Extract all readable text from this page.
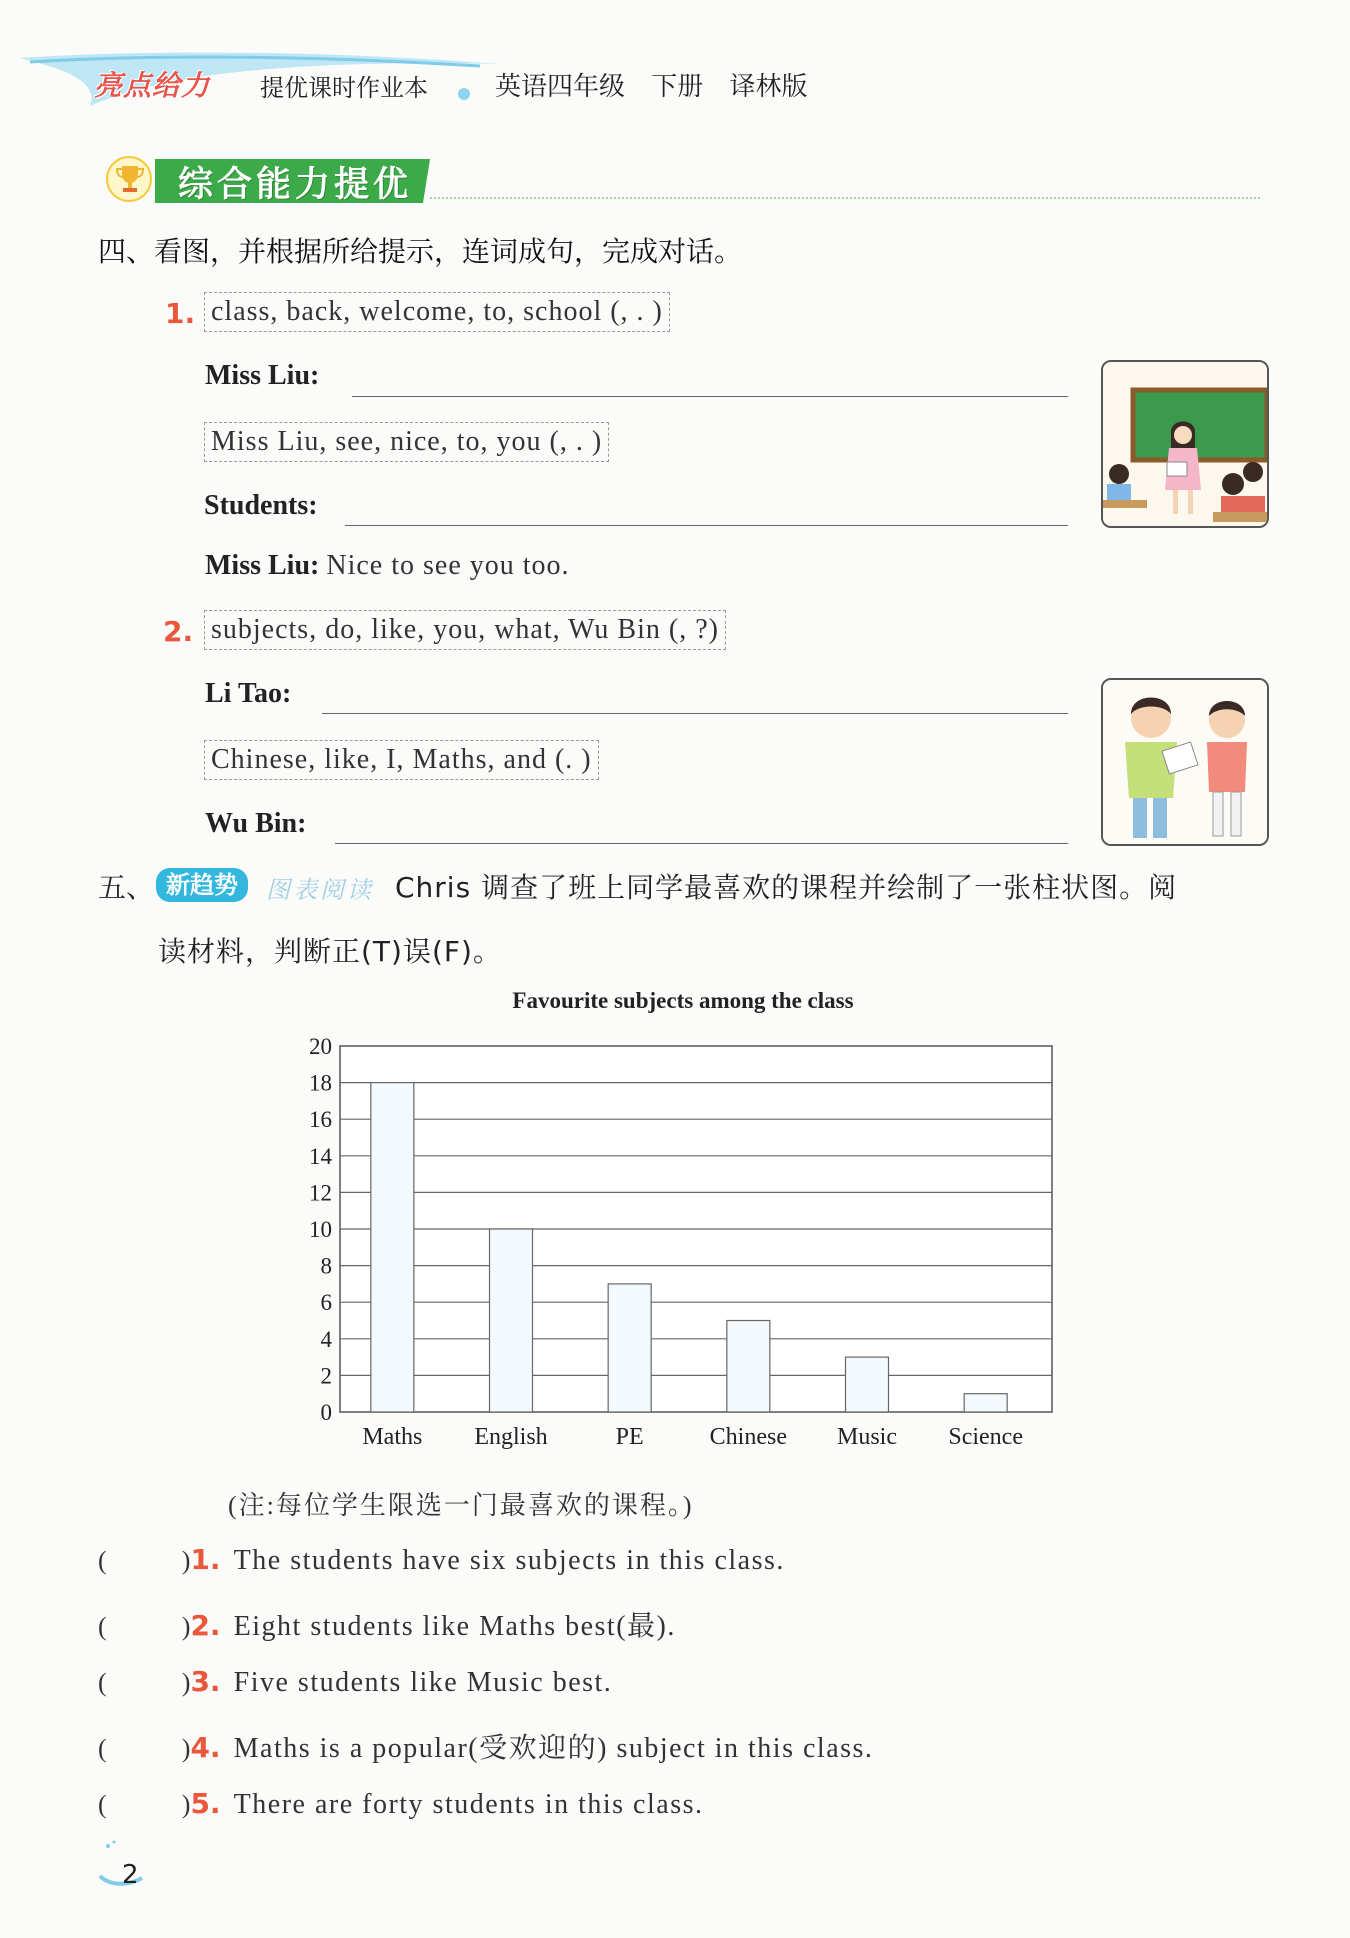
亮点给力 提优课时作业本	英语四年级 下册 译林版
综合能力提优
四、看图，并根据所给提示，连词成句，完成对话。
1. class, back, welcome, to, school (, . )
Miss Liu:
Miss Liu, see, nice, to, you (, . )
Students:
Miss Liu: Nice to see you too.
2. subjects, do, like, you, what, Wu Bin (, ?)
Li Tao:
Chinese, like, I, Maths, and (. )
Wu Bin:
五、 新趋势	图表阅读 Chris 调查了班上同学最喜欢的课程并绘制了一张柱状图。阅
读材料，判断正(T)误(F)。
Favourite subjects among the class
0
2
4
6
8
10
12
14
16
18
20
Maths English	PE	Chinese Music Science
(注:每位学生限选一门最喜欢的课程。)
(	)1. The students have six subjects in this class.
(	)2. Eight students like Maths best(最).
(	)3. Five students like Music best.
(	)4. Maths is a popular(受欢迎的) subject in this class.
(	)5. There are forty students in this class.
2
